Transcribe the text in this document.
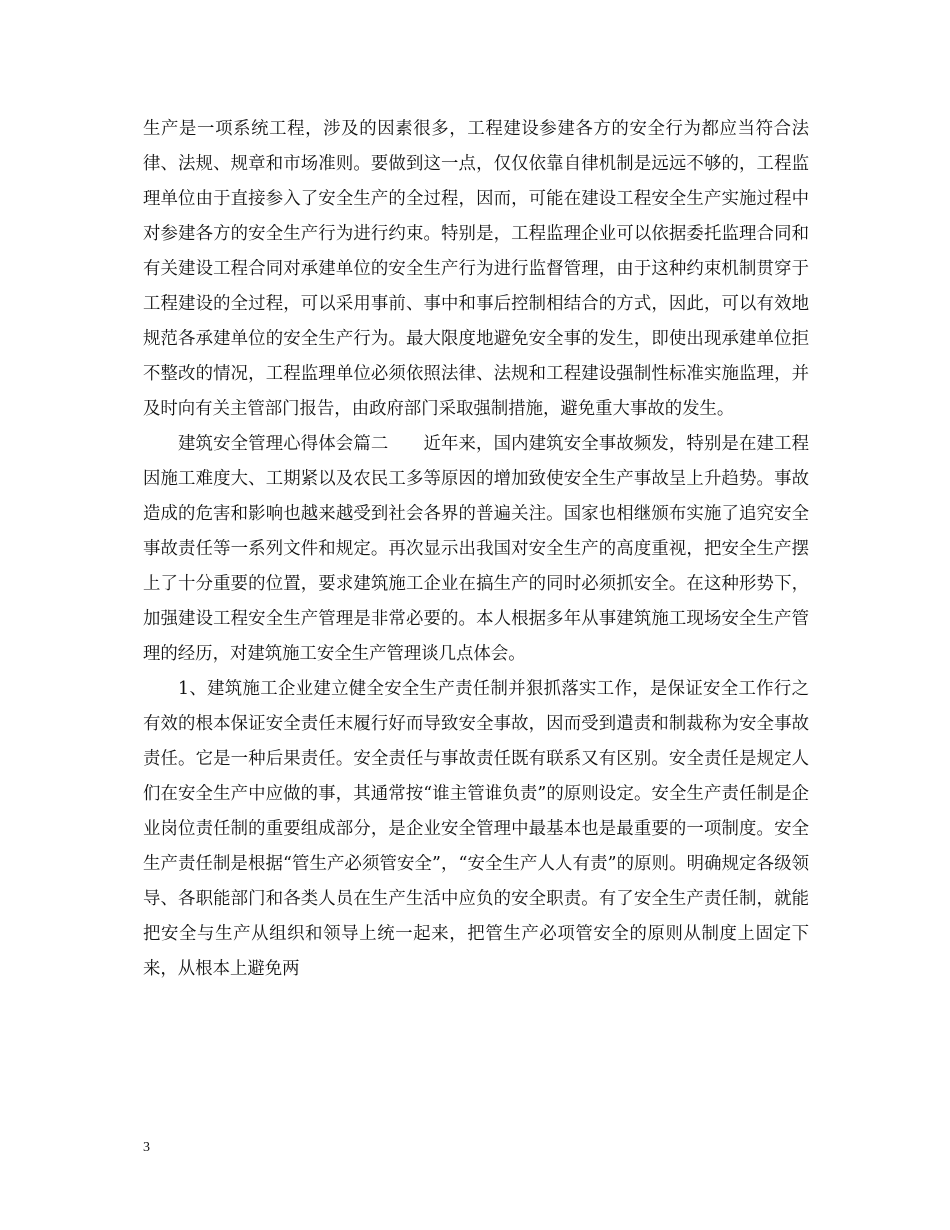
生产是一项系统工程，涉及的因素很多，工程建设参建各方的安全行为都应当符合法律、法规、规章和市场准则。要做到这一点，仅仅依靠自律机制是远远不够的，工程监理单位由于直接参入了安全生产的全过程，因而，可能在建设工程安全生产实施过程中对参建各方的安全生产行为进行约束。特别是，工程监理企业可以依据委托监理合同和有关建设工程合同对承建单位的安全生产行为进行监督管理，由于这种约束机制贯穿于工程建设的全过程，可以采用事前、事中和事后控制相结合的方式，因此，可以有效地规范各承建单位的安全生产行为。最大限度地避免安全事的发生，即使出现承建单位拒不整改的情况，工程监理单位必须依照法律、法规和工程建设强制性标准实施监理，并及时向有关主管部门报告，由政府部门采取强制措施，避免重大事故的发生。

建筑安全管理心得体会篇二　　近年来，国内建筑安全事故频发，特别是在建工程因施工难度大、工期紧以及农民工多等原因的增加致使安全生产事故呈上升趋势。事故造成的危害和影响也越来越受到社会各界的普遍关注。国家也相继颁布实施了追究安全事故责任等一系列文件和规定。再次显示出我国对安全生产的高度重视，把安全生产摆上了十分重要的位置，要求建筑施工企业在搞生产的同时必须抓安全。在这种形势下，加强建设工程安全生产管理是非常必要的。本人根据多年从事建筑施工现场安全生产管理的经历，对建筑施工安全生产管理谈几点体会。

1、建筑施工企业建立健全安全生产责任制并狠抓落实工作，是保证安全工作行之有效的根本保证安全责任末履行好而导致安全事故，因而受到遣责和制裁称为安全事故责任。它是一种后果责任。安全责任与事故责任既有联系又有区别。安全责任是规定人们在安全生产中应做的事，其通常按“谁主管谁负责”的原则设定。安全生产责任制是企业岗位责任制的重要组成部分，是企业安全管理中最基本也是最重要的一项制度。安全生产责任制是根据“管生产必须管安全”，“安全生产人人有责”的原则。明确规定各级领导、各职能部门和各类人员在生产生活中应负的安全职责。有了安全生产责任制，就能把安全与生产从组织和领导上统一起来，把管生产必项管安全的原则从制度上固定下来，从根本上避免两

3
